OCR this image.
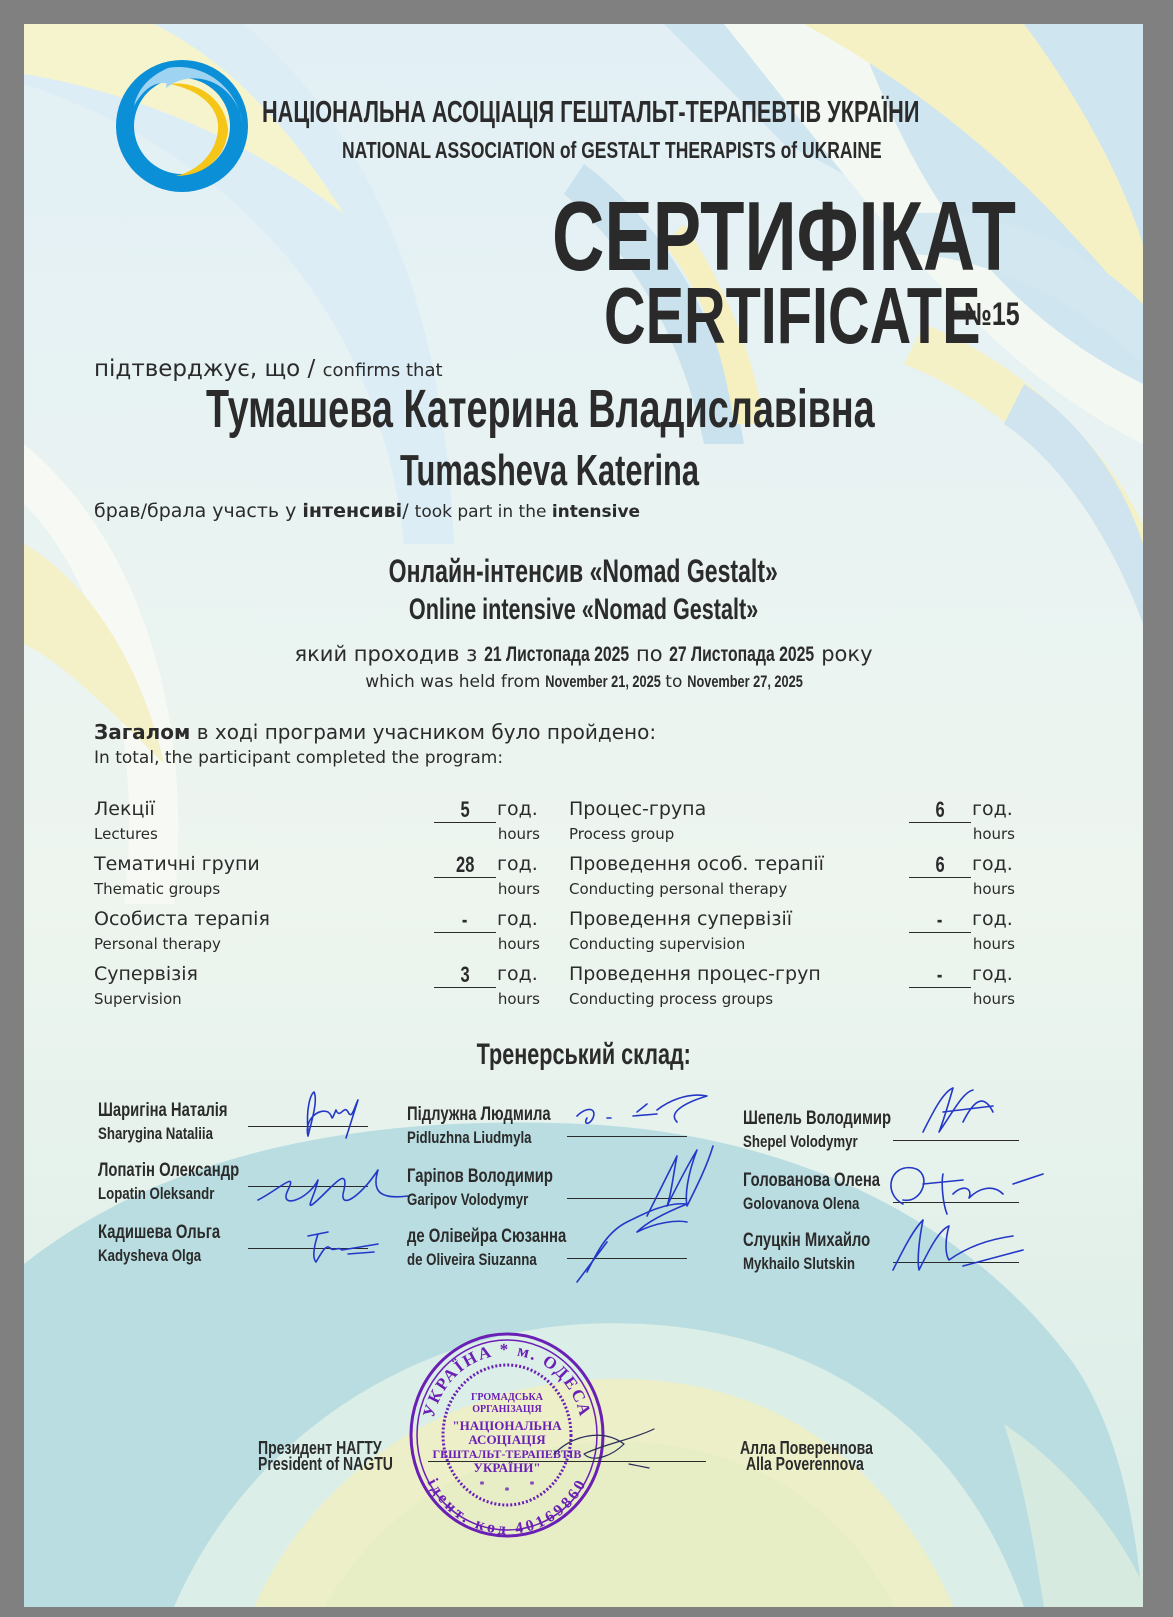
НАЦІОНАЛЬНА АСОЦІАЦІЯ ГЕШТАЛЬТ-ТЕРАПЕВТІВ УКРАЇНИ
NATIONAL ASSOCIATION of GESTALT THERAPISTS of UKRAINE
СЕРТИФІКАТ
CERTIFICATE
№15
підтверджує, що / confirms that
Тумашева Катерина Владиславівна
Tumasheva Katerina
брав/брала участь у інтенсиві/ took part in the intensive
Онлайн-інтенсив «Nomad Gestalt»
Online intensive «Nomad Gestalt»
який проходив з 21 Листопада 2025 по 27 Листопада 2025 року
which was held from November 21, 2025 to November 27, 2025
Загалом в ході програми учасником було пройдено:
In total, the participant completed the program:
Лекції
Lectures
5	год.
hours
Тематичні групи
Thematic groups
28	год.
hours
Особиста терапія
Personal therapy
-	год.
hours
Супервізія
Supervision
3	год.
hours
Процес-група
Process group
6	год.
hours
Проведення особ. терапії
Conducting personal therapy
6	год.
hours
Проведення супервізії
Conducting supervision
-	год.
hours
Проведення процес-груп
Conducting process groups
-	год.
hours
Тренерський склад:
Шаригіна Наталія
Sharygina Nataliia
Лопатін Олександр
Lopatin Oleksandr
Кадишева Ольга
Kadysheva Olga
Підлужна Людмила
Pidluzhna Liudmyla
Гаріпов Володимир
Garipov Volodymyr
де Олівейра Сюзанна
de Oliveira Siuzanna
Шепель Володимир
Shepel Volodymyr
Голованова Олена
Golovanova Olena
Слуцкін Михайло
Mykhailo Slutskin
УКРАЇНА * м. ОДЕСА
ідент. код 40169860
ГРОМАДСЬКА
ОРГАНІЗАЦІЯ
"НАЦІОНАЛЬНА
АСОЦІАЦІЯ
ГЕШТАЛЬТ-ТЕРАПЕВТІВ
УКРАЇНИ"
*
*
*
Президент НАГТУ
President of NAGTU
Алла Поверенnова
Alla Poverennova
